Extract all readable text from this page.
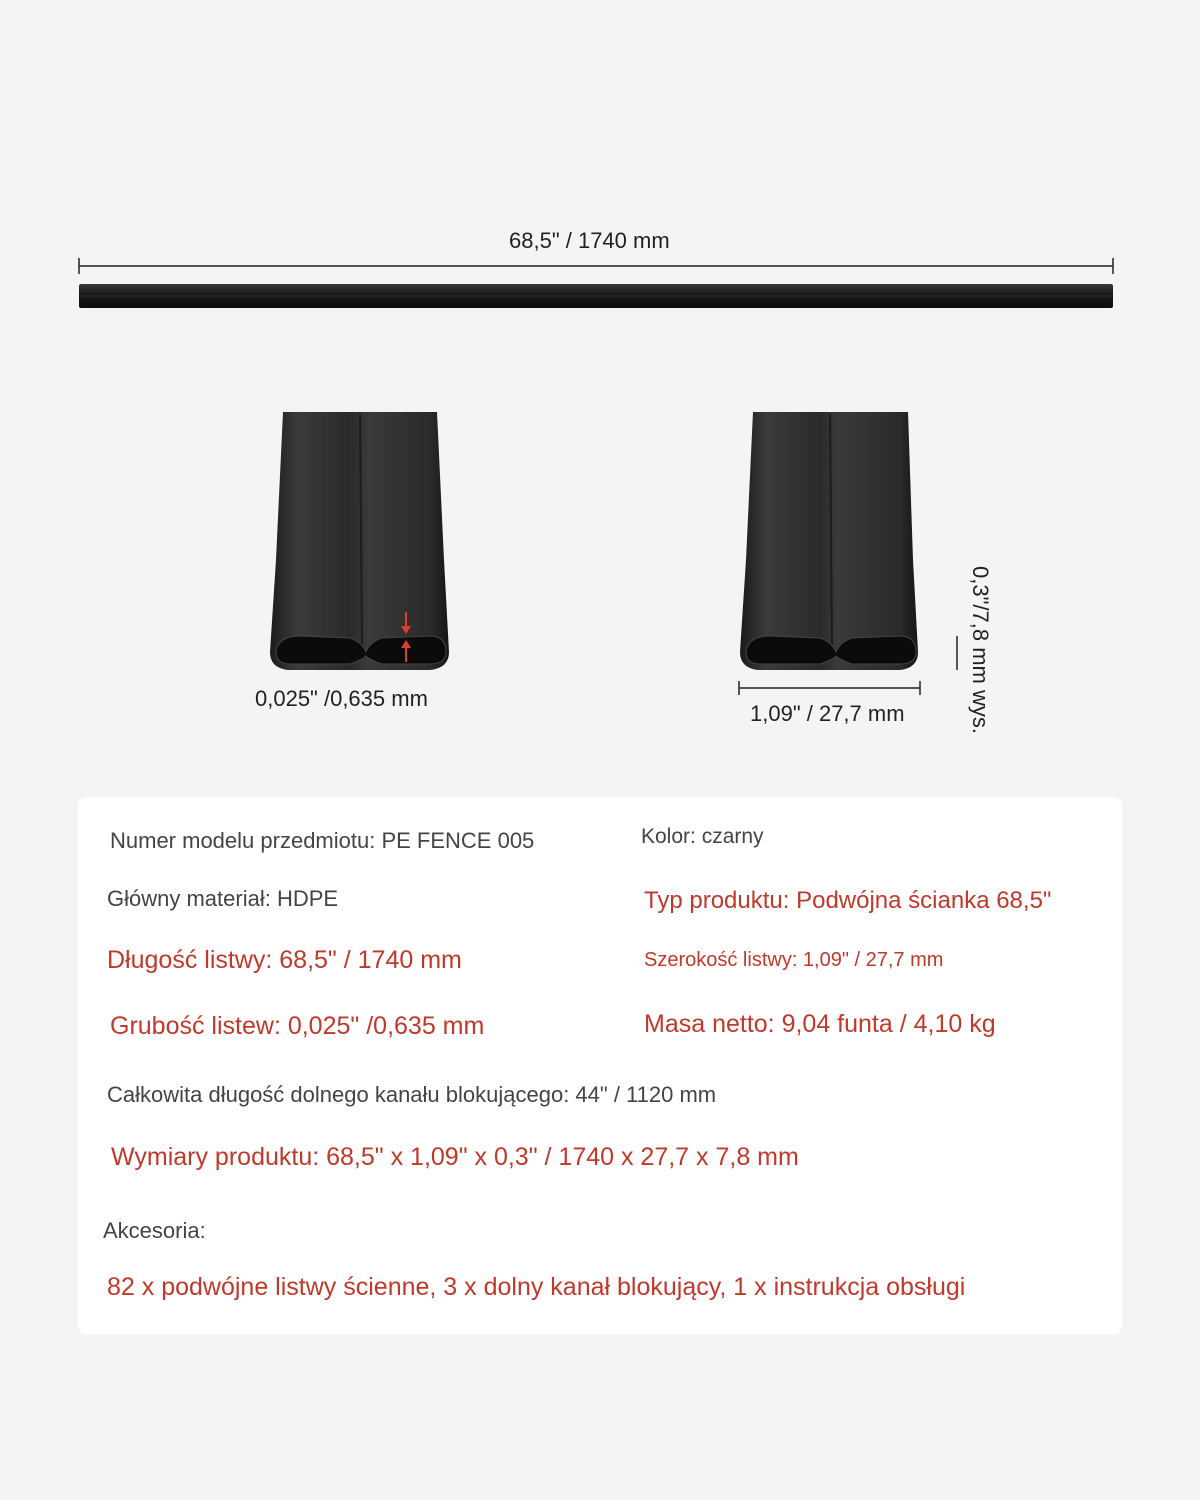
68,5" / 1740 mm
0,025" /0,635 mm
1,09" / 27,7 mm	0,3"/7,8 mm wys.
Numer modelu przedmiotu: PE FENCE 005	Kolor: czarny
Główny materiał: HDPE	Typ produktu: Podwójna ścianka 68,5"
Długość listwy: 68,5" / 1740 mm	Szerokość listwy: 1,09" / 27,7 mm
Grubość listew: 0,025" /0,635 mm	Masa netto: 9,04 funta / 4,10 kg
Całkowita długość dolnego kanału blokującego: 44" / 1120 mm
Wymiary produktu: 68,5" x 1,09" x 0,3" / 1740 x 27,7 x 7,8 mm
Akcesoria:
82 x podwójne listwy ścienne, 3 x dolny kanał blokujący, 1 x instrukcja obsługi
